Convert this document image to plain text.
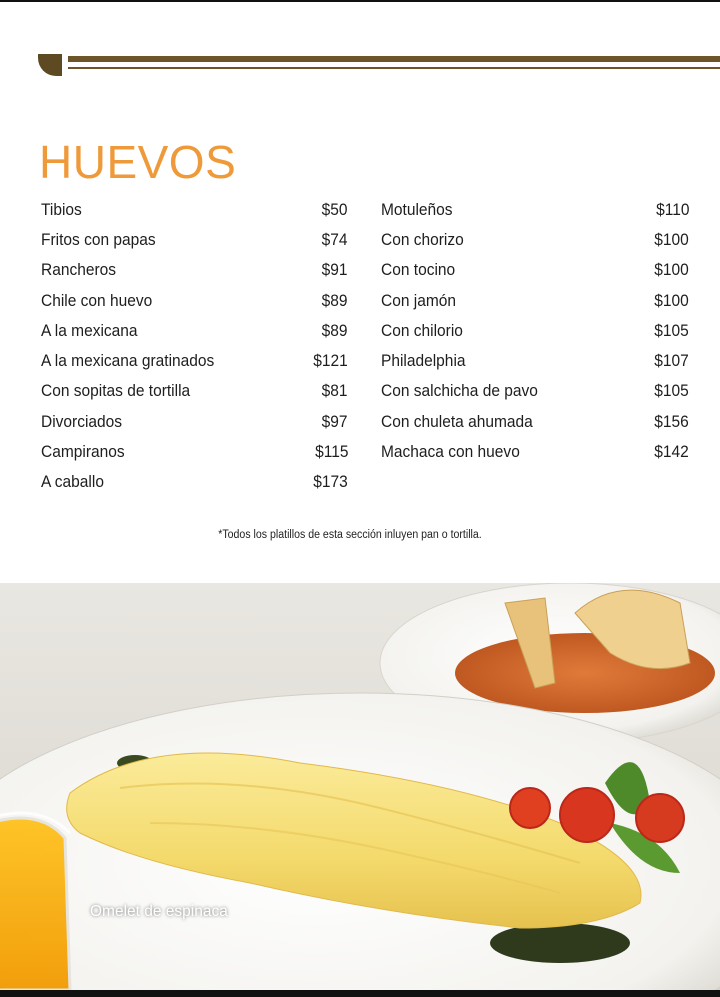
HUEVOS
Tibios	$50
Fritos con papas	$74
Rancheros	$91
Chile con huevo	$89
A la mexicana	$89
A la mexicana gratinados	$121
Con sopitas de tortilla	$81
Divorciados	$97
Campiranos	$115
A caballo	$173
Motuleños	$110
Con chorizo	$100
Con tocino	$100
Con jamón	$100
Con chilorio	$105
Philadelphia	$107
Con salchicha de pavo	$105
Con chuleta ahumada	$156
Machaca con huevo	$142
*Todos los platillos de esta sección inluyen pan o tortilla.
Omelet de espinaca
